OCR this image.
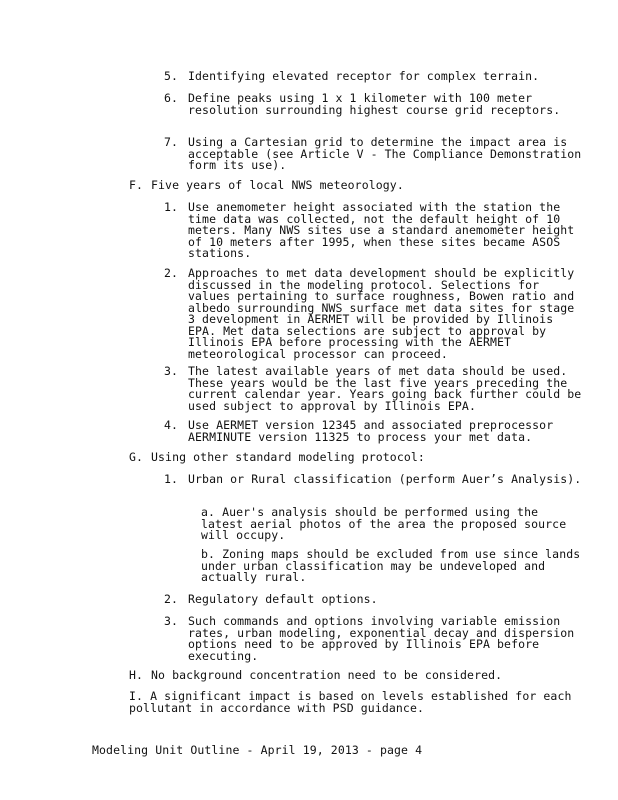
5. Identifying elevated receptor for complex terrain.
6. Define peaks using 1 x 1 kilometer with 100 meter resolution surrounding highest course grid receptors.
7. Using a Cartesian grid to determine the impact area is acceptable (see Article V - The Compliance Demonstration form its use).
F. Five years of local NWS meteorology.
1. Use anemometer height associated with the station the time data was collected, not the default height of 10 meters. Many NWS sites use a standard anemometer height of 10 meters after 1995, when these sites became ASOS stations.
2. Approaches to met data development should be explicitly discussed in the modeling protocol. Selections for values pertaining to surface roughness, Bowen ratio and albedo surrounding NWS surface met data sites for stage 3 development in AERMET will be provided by Illinois EPA. Met data selections are subject to approval by Illinois EPA before processing with the AERMET meteorological processor can proceed.
3. The latest available years of met data should be used. These years would be the last five years preceding the current calendar year. Years going back further could be used subject to approval by Illinois EPA.
4. Use AERMET version 12345 and associated preprocessor AERMINUTE version 11325 to process your met data.
G. Using other standard modeling protocol:
1. Urban or Rural classification (perform Auer’s Analysis).
a. Auer's analysis should be performed using the latest aerial photos of the area the proposed source will occupy.
b. Zoning maps should be excluded from use since lands under urban classification may be undeveloped and actually rural.
2. Regulatory default options.
3. Such commands and options involving variable emission rates, urban modeling, exponential decay and dispersion options need to be approved by Illinois EPA before executing.
H. No background concentration need to be considered.
I. A significant impact is based on levels established for each pollutant in accordance with PSD guidance.
Modeling Unit Outline - April 19, 2013 - page 4
